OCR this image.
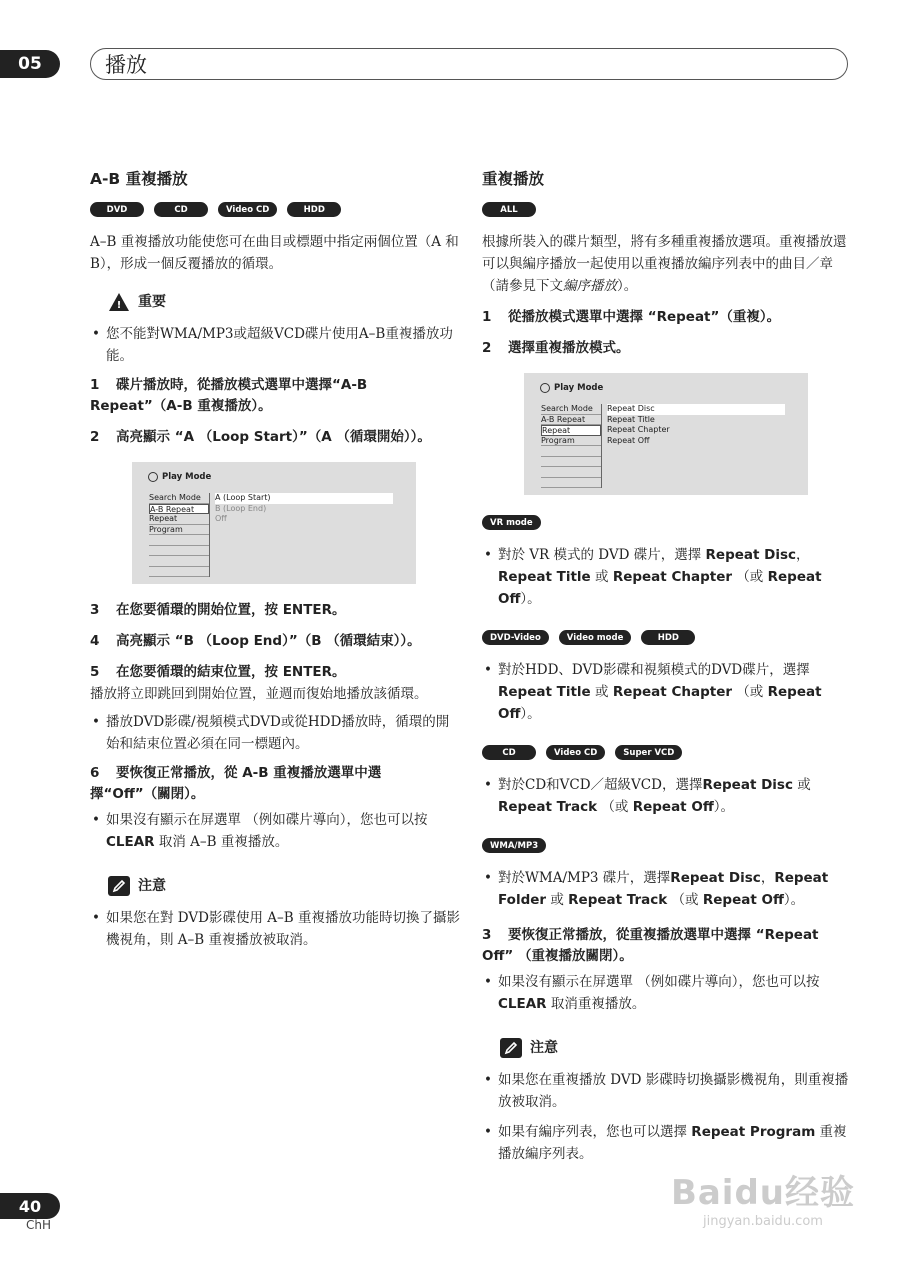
05	播放
A-B 重複播放
DVD	CD	Video CD	HDD
A–B 重複播放功能使您可在曲目或標題中指定兩個位置（A 和 B），形成一個反覆播放的循環。
! 重要
• 您不能對WMA/MP3或超級VCD碟片使用A–B重複播放功能。
1 碟片播放時，從播放模式選單中選擇“A-B Repeat”（A-B 重複播放）。
2 高亮顯示 “A （Loop Start）”（A （循環開始））。
Play Mode
Search Mode
A-B Repeat
Repeat
Program
A (Loop Start)
B (Loop End)
Off
3 在您要循環的開始位置，按 ENTER。
4 高亮顯示 “B （Loop End）”（B （循環結束））。
5 在您要循環的結束位置，按 ENTER。
播放將立即跳回到開始位置，並週而復始地播放該循環。
• 播放DVD影碟/視頻模式DVD或從HDD播放時，循環的開始和結束位置必須在同一標題內。
6 要恢復正常播放，從 A-B 重複播放選單中選擇“Off”（關閉）。
• 如果沒有顯示在屏選單 （例如碟片導向），您也可以按 CLEAR 取消 A–B 重複播放。
注意
• 如果您在對 DVD影碟使用 A–B 重複播放功能時切換了攝影機視角，則 A–B 重複播放被取消。
重複播放
ALL
根據所裝入的碟片類型，將有多種重複播放選項。重複播放還可以與編序播放一起使用以重複播放編序列表中的曲目／章 （請參見下文編序播放）。
1 從播放模式選單中選擇 “Repeat”（重複）。
2 選擇重複播放模式。
Play Mode
Search Mode
A-B Repeat
Repeat
Program
Repeat Disc
Repeat Title
Repeat Chapter
Repeat Off
VR mode
• 對於 VR 模式的 DVD 碟片，選擇 Repeat Disc，Repeat Title 或 Repeat Chapter （或 Repeat Off）。
DVD-Video	Video mode	HDD
• 對於HDD、DVD影碟和視頻模式的DVD碟片，選擇Repeat Title 或 Repeat Chapter （或 Repeat Off）。
CD	Video CD	Super VCD
• 對於CD和VCD／超級VCD，選擇Repeat Disc 或 Repeat Track （或 Repeat Off）。
WMA/MP3
• 對於WMA/MP3 碟片，選擇Repeat Disc，Repeat Folder 或 Repeat Track （或 Repeat Off）。
3 要恢復正常播放，從重複播放選單中選擇 “Repeat Off” （重複播放關閉）。
• 如果沒有顯示在屏選單 （例如碟片導向），您也可以按 CLEAR 取消重複播放。
注意
• 如果您在重複播放 DVD 影碟時切換攝影機視角，則重複播放被取消。
• 如果有編序列表，您也可以選擇 Repeat Program 重複播放編序列表。
40
ChH
Baidu经验
jingyan.baidu.com
